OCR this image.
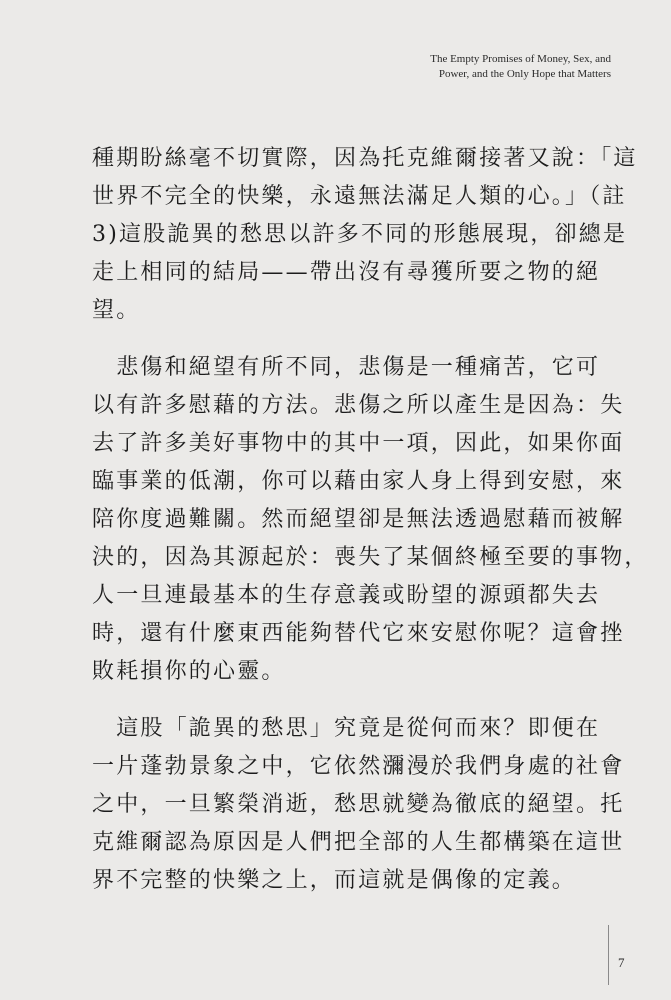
The Empty Promises of Money, Sex, and
Power, and the Only Hope that Matters

種期盼絲毫不切實際，因為托克維爾接著又說：「這
世界不完全的快樂，永遠無法滿足人類的心。」（註
3)這股詭異的愁思以許多不同的形態展現，卻總是
走上相同的結局——帶出沒有尋獲所要之物的絕
望。

　悲傷和絕望有所不同，悲傷是一種痛苦，它可
以有許多慰藉的方法。悲傷之所以產生是因為：失
去了許多美好事物中的其中一項，因此，如果你面
臨事業的低潮，你可以藉由家人身上得到安慰，來
陪你度過難關。然而絕望卻是無法透過慰藉而被解
決的，因為其源起於：喪失了某個終極至要的事物，
人一旦連最基本的生存意義或盼望的源頭都失去
時，還有什麼東西能夠替代它來安慰你呢？這會挫
敗耗損你的心靈。

　這股「詭異的愁思」究竟是從何而來？即便在
一片蓬勃景象之中，它依然瀰漫於我們身處的社會
之中，一旦繁榮消逝，愁思就變為徹底的絕望。托
克維爾認為原因是人們把全部的人生都構築在這世
界不完整的快樂之上，而這就是偶像的定義。

7
